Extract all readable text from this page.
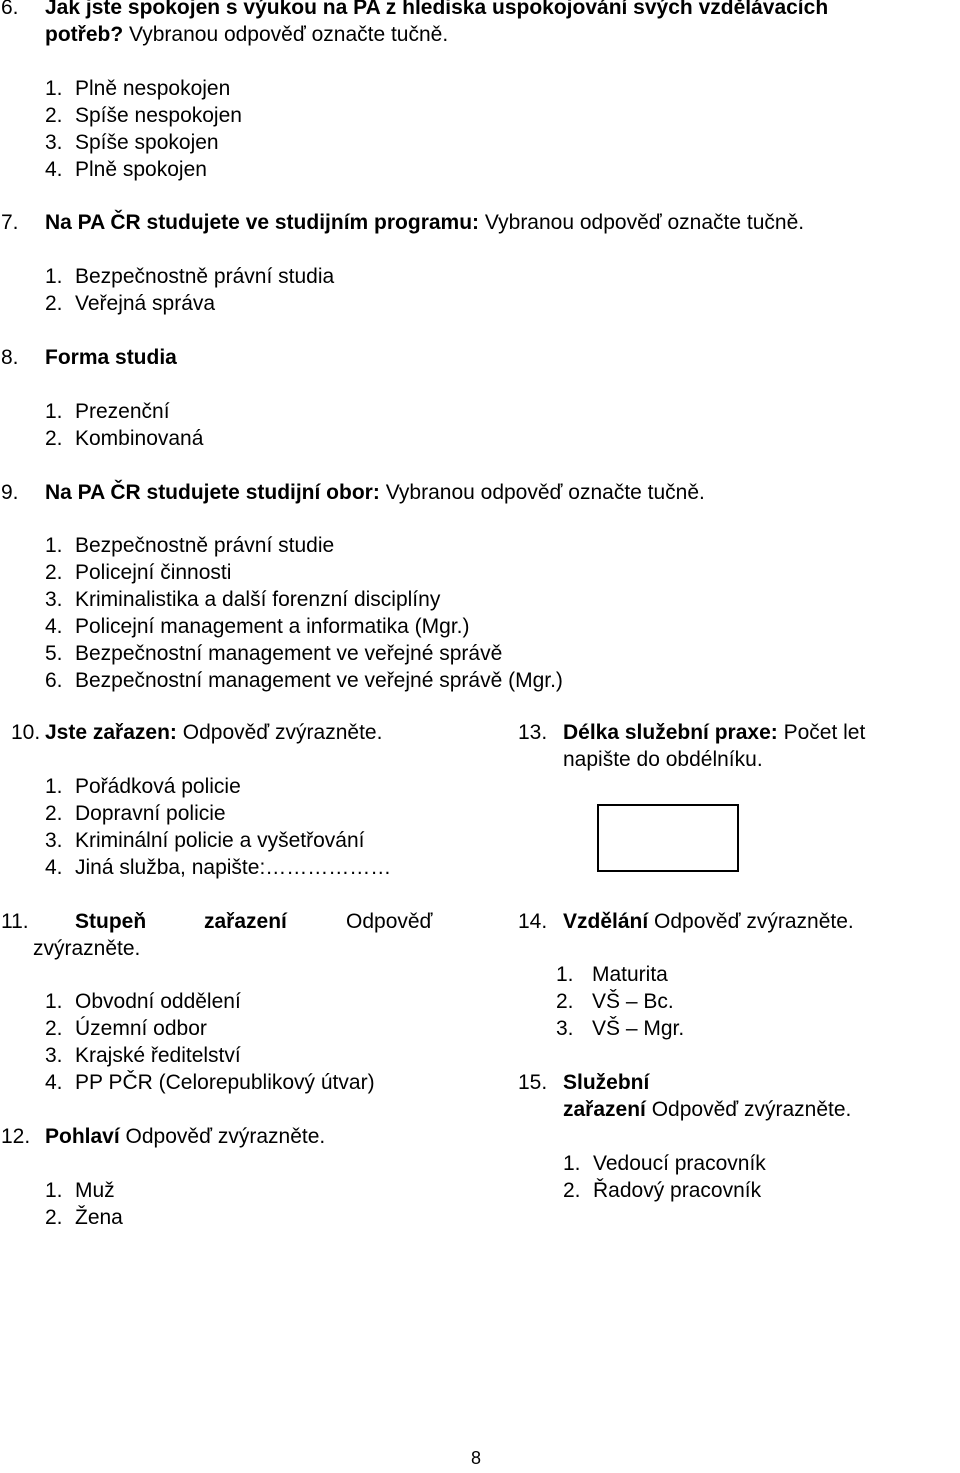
6. Jak jste spokojen s výukou na PA z hlediska uspokojování svých vzdělávacích
potřeb? Vybranou odpověď označte tučně.
1. Plně nespokojen
2. Spíše nespokojen
3. Spíše spokojen
4. Plně spokojen
7. Na PA ČR studujete ve studijním programu: Vybranou odpověď označte tučně.
1. Bezpečnostně právní studia
2. Veřejná správa
8. Forma studia
1. Prezenční
2. Kombinovaná
9. Na PA ČR studujete studijní obor: Vybranou odpověď označte tučně.
1. Bezpečnostně právní studie
2. Policejní činnosti
3. Kriminalistika a další forenzní disciplíny
4. Policejní management a informatika (Mgr.)
5. Bezpečnostní management ve veřejné správě
6. Bezpečnostní management ve veřejné správě (Mgr.)
10. Jste zařazen: Odpověď zvýrazněte.
1. Pořádková policie
2. Dopravní policie
3. Kriminální policie a vyšetřování
4. Jiná služba, napište:………………
11. Stupeň	zařazení	Odpověď
zvýrazněte.
1. Obvodní oddělení
2. Územní odbor
3. Krajské ředitelství
4. PP PČR (Celorepublikový útvar)
12. Pohlaví Odpověď zvýrazněte.
1. Muž
2. Žena
13. Délka služební praxe: Počet let
napište do obdélníku.
14. Vzdělání Odpověď zvýrazněte.
1. Maturita
2. VŠ – Bc.
3. VŠ – Mgr.
15. Služební
zařazení Odpověď zvýrazněte.
1. Vedoucí pracovník
2. Řadový pracovník
8
